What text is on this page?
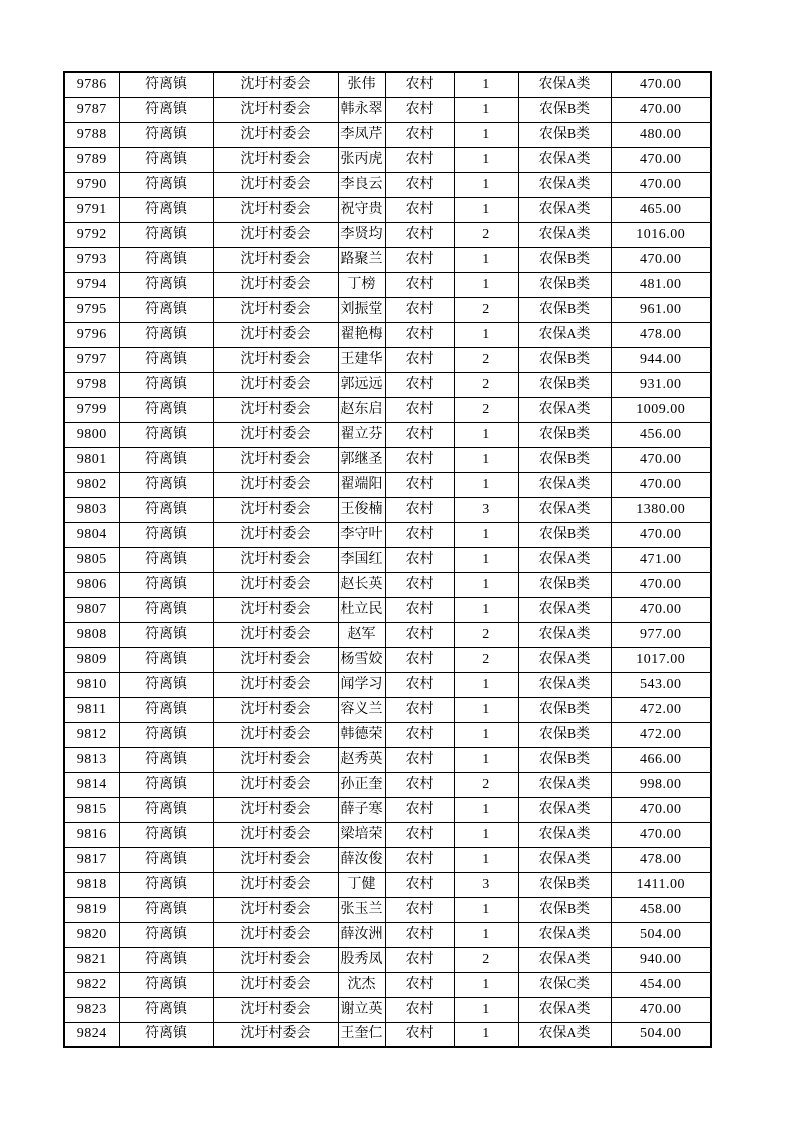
9786	符离镇	沈圩村委会	张伟	农村	1	农保A类	470.00
9787	符离镇	沈圩村委会	韩永翠	农村	1	农保B类	470.00
9788	符离镇	沈圩村委会	李凤芹	农村	1	农保B类	480.00
9789	符离镇	沈圩村委会	张丙虎	农村	1	农保A类	470.00
9790	符离镇	沈圩村委会	李良云	农村	1	农保A类	470.00
9791	符离镇	沈圩村委会	祝守贵	农村	1	农保A类	465.00
9792	符离镇	沈圩村委会	李贤均	农村	2	农保A类	1016.00
9793	符离镇	沈圩村委会	路聚兰	农村	1	农保B类	470.00
9794	符离镇	沈圩村委会	丁榜	农村	1	农保B类	481.00
9795	符离镇	沈圩村委会	刘振堂	农村	2	农保B类	961.00
9796	符离镇	沈圩村委会	翟艳梅	农村	1	农保A类	478.00
9797	符离镇	沈圩村委会	王建华	农村	2	农保B类	944.00
9798	符离镇	沈圩村委会	郭远远	农村	2	农保B类	931.00
9799	符离镇	沈圩村委会	赵东启	农村	2	农保A类	1009.00
9800	符离镇	沈圩村委会	翟立芬	农村	1	农保B类	456.00
9801	符离镇	沈圩村委会	郭继圣	农村	1	农保B类	470.00
9802	符离镇	沈圩村委会	翟端阳	农村	1	农保A类	470.00
9803	符离镇	沈圩村委会	王俊楠	农村	3	农保A类	1380.00
9804	符离镇	沈圩村委会	李守叶	农村	1	农保B类	470.00
9805	符离镇	沈圩村委会	李国红	农村	1	农保A类	471.00
9806	符离镇	沈圩村委会	赵长英	农村	1	农保B类	470.00
9807	符离镇	沈圩村委会	杜立民	农村	1	农保A类	470.00
9808	符离镇	沈圩村委会	赵军	农村	2	农保A类	977.00
9809	符离镇	沈圩村委会	杨雪姣	农村	2	农保A类	1017.00
9810	符离镇	沈圩村委会	闻学习	农村	1	农保A类	543.00
9811	符离镇	沈圩村委会	容义兰	农村	1	农保B类	472.00
9812	符离镇	沈圩村委会	韩德荣	农村	1	农保B类	472.00
9813	符离镇	沈圩村委会	赵秀英	农村	1	农保B类	466.00
9814	符离镇	沈圩村委会	孙正奎	农村	2	农保A类	998.00
9815	符离镇	沈圩村委会	薛子寒	农村	1	农保A类	470.00
9816	符离镇	沈圩村委会	梁培荣	农村	1	农保A类	470.00
9817	符离镇	沈圩村委会	薛汝俊	农村	1	农保A类	478.00
9818	符离镇	沈圩村委会	丁健	农村	3	农保B类	1411.00
9819	符离镇	沈圩村委会	张玉兰	农村	1	农保B类	458.00
9820	符离镇	沈圩村委会	薛汝洲	农村	1	农保A类	504.00
9821	符离镇	沈圩村委会	股秀凤	农村	2	农保A类	940.00
9822	符离镇	沈圩村委会	沈杰	农村	1	农保C类	454.00
9823	符离镇	沈圩村委会	谢立英	农村	1	农保A类	470.00
9824	符离镇	沈圩村委会	王奎仁	农村	1	农保A类	504.00
